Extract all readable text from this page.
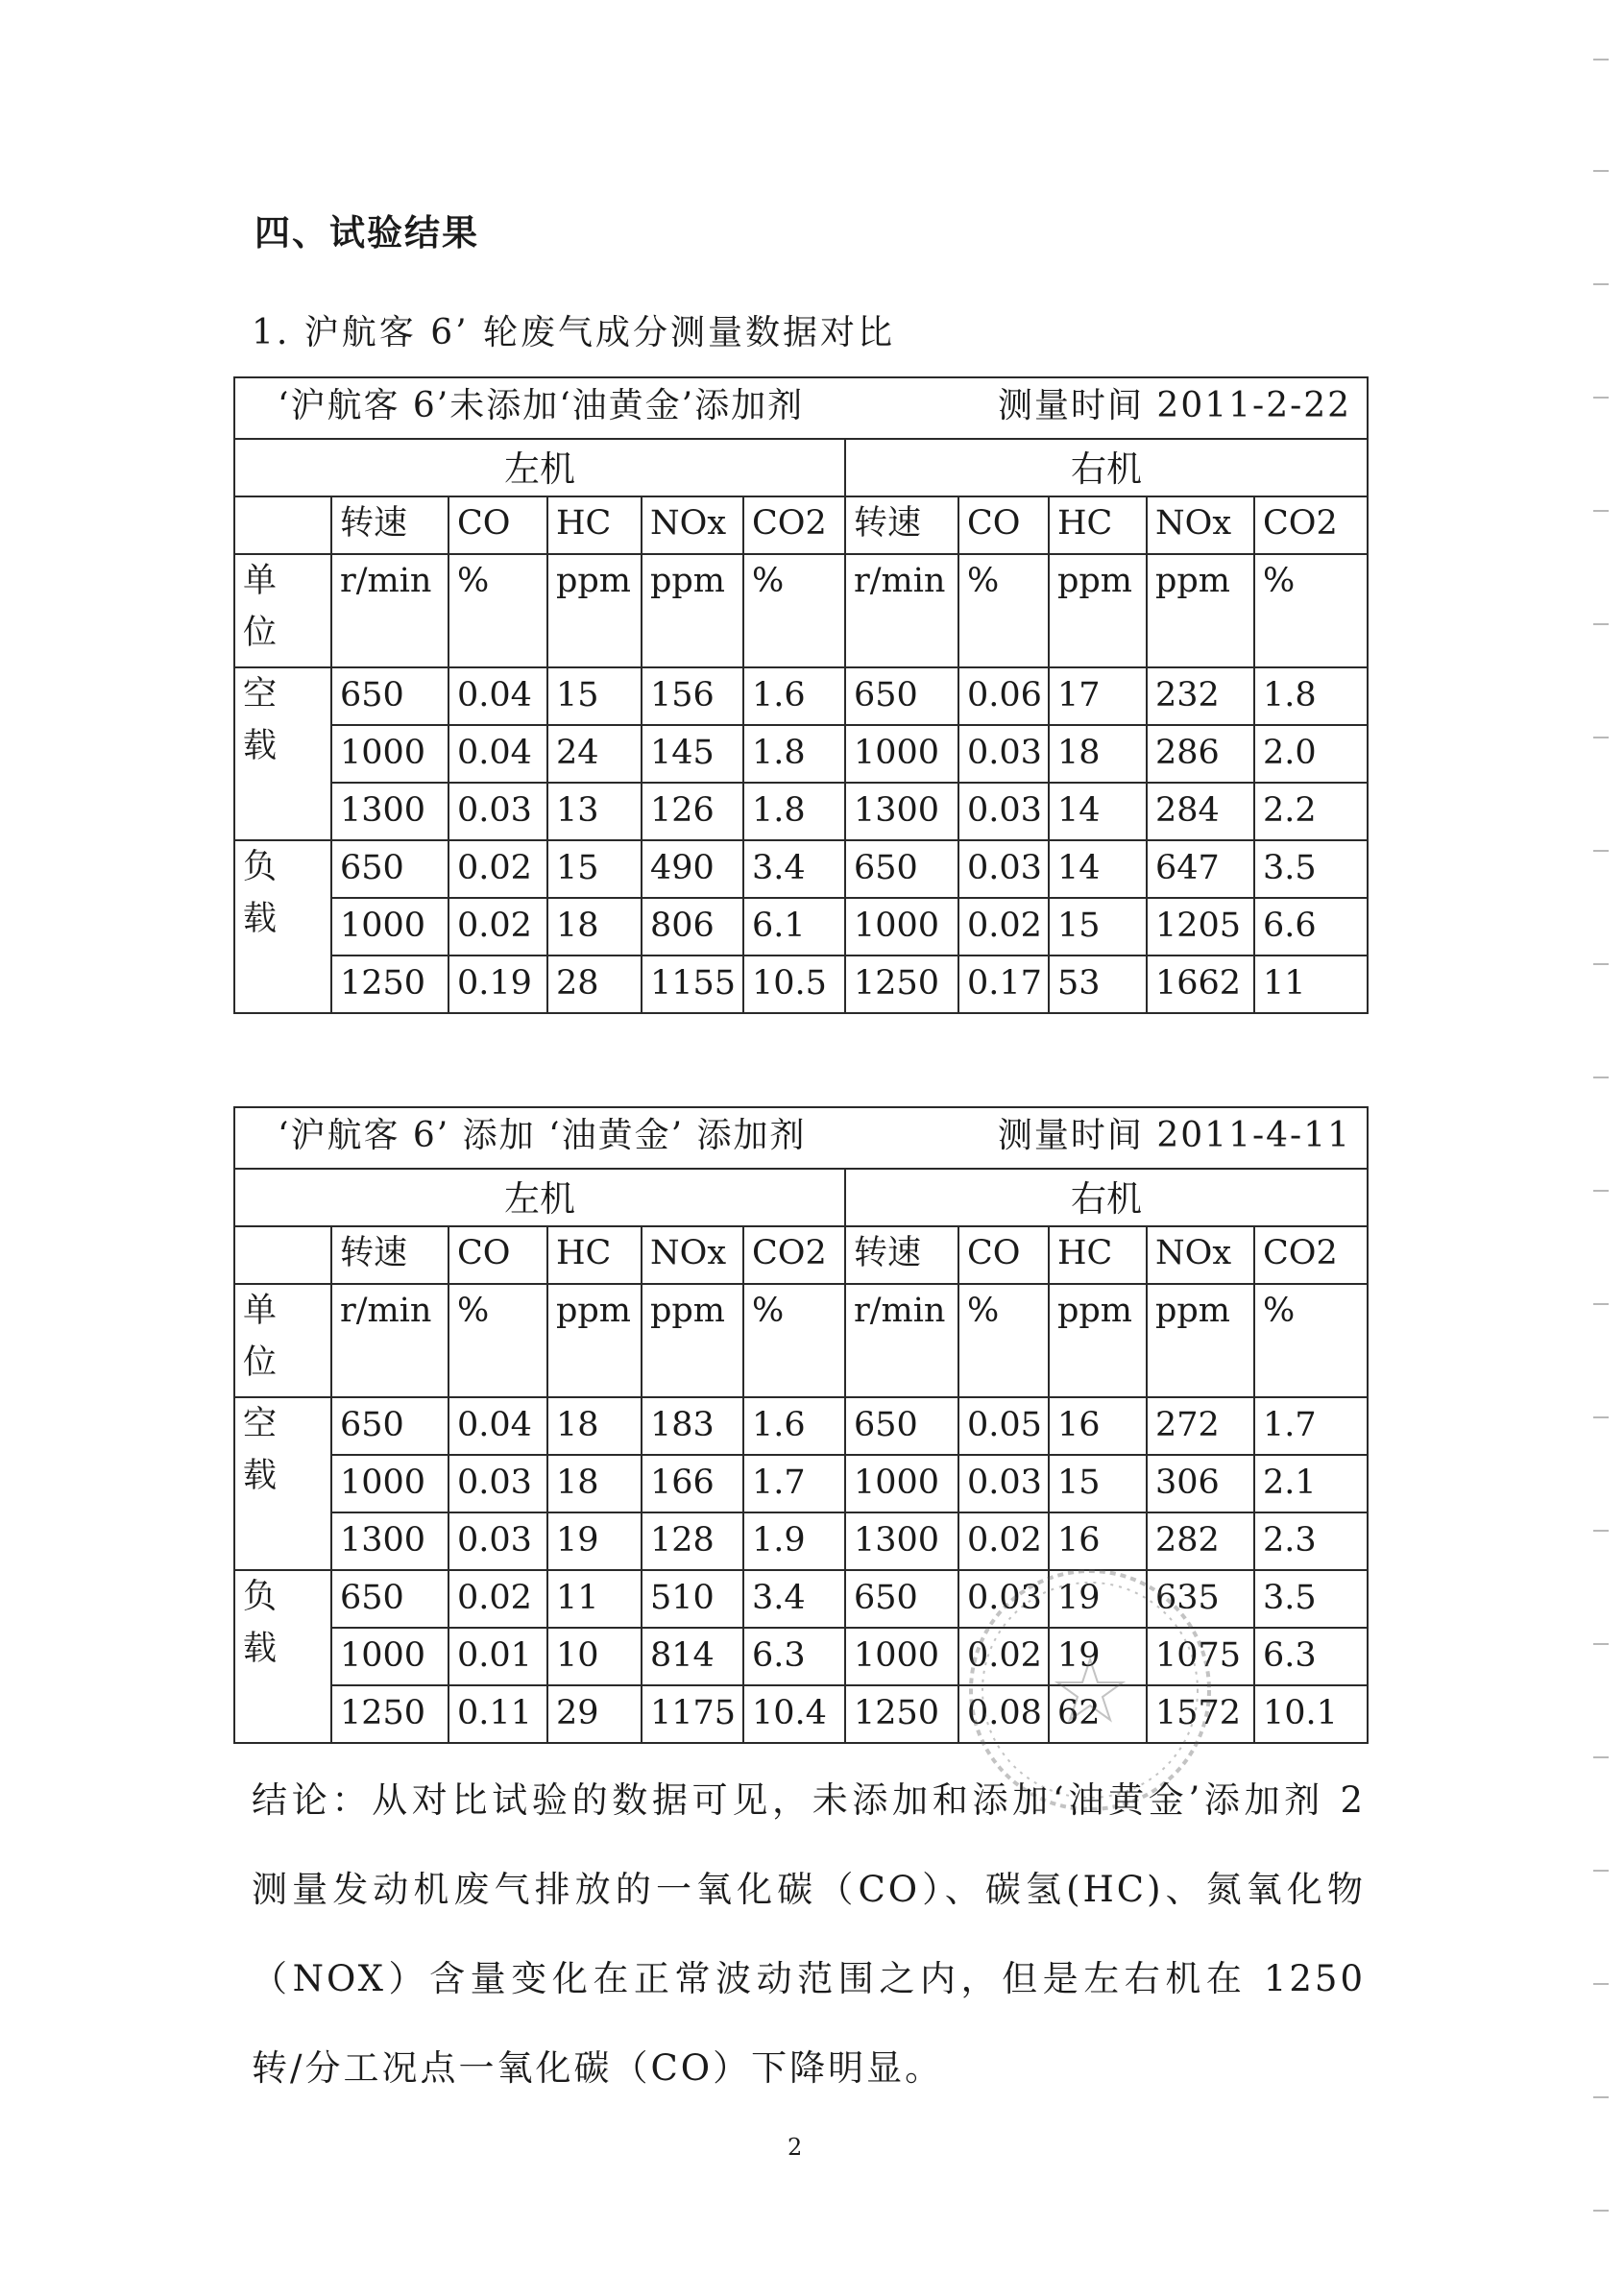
四、试验结果
1. 沪航客 6’ 轮废气成分测量数据对比
‘沪航客 6’未添加‘油黄金’添加剂 测量时间 2011-2-22										

左机						右机				
	转速	CO	HC	NOx	CO2	转速	CO	HC	NOx	CO2

单
位	r/min	%	ppm	ppm	%	r/min	%	ppm	ppm	%

空
载	650	0.04	15	156	1.6	650	0.06	17	232	1.8
	1000	0.04	24	145	1.8	1000	0.03	18	286	2.0
	1300	0.03	13	126	1.8	1300	0.03	14	284	2.2

负
载	650	0.02	15	490	3.4	650	0.03	14	647	3.5
	1000	0.02	18	806	6.1	1000	0.02	15	1205	6.6
	1250	0.19	28	1155	10.5	1250	0.17	53	1662	11
‘沪航客 6’ 添加 ‘油黄金’ 添加剂 测量时间 2011-4-11										

左机						右机				
	转速	CO	HC	NOx	CO2	转速	CO	HC	NOx	CO2

单
位	r/min	%	ppm	ppm	%	r/min	%	ppm	ppm	%

空
载	650	0.04	18	183	1.6	650	0.05	16	272	1.7
	1000	0.03	18	166	1.7	1000	0.03	15	306	2.1
	1300	0.03	19	128	1.9	1300	0.02	16	282	2.3

负
载	650	0.02	11	510	3.4	650	0.03	19	635	3.5
	1000	0.01	10	814	6.3	1000	0.02	19	1075	6.3
	1250	0.11	29	1175	10.4	1250	0.08	62	1572	10.1
结论：从对比试验的数据可见，未添加和添加‘油黄金’添加剂 2 测量发动机废气排放的一氧化碳（CO）、碳氢(HC)、氮氧化物（NOX）含量变化在正常波动范围之内，但是左右机在 1250 转/分工况点一氧化碳（CO）下降明显。
2
